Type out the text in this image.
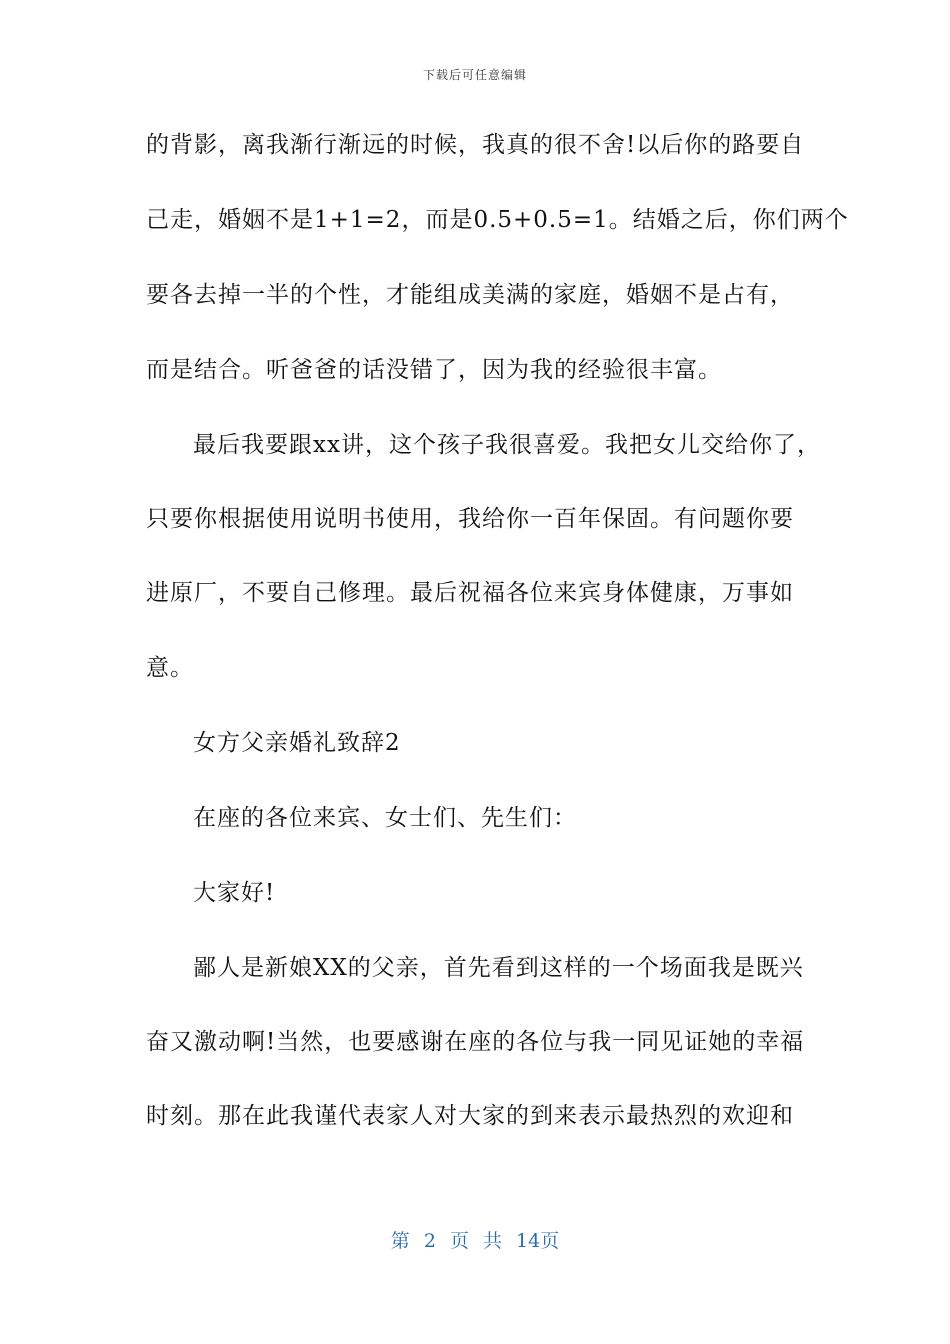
下载后可任意编辑
的背影，离我渐行渐远的时候，我真的很不舍!以后你的路要自
己走，婚姻不是1+1=2，而是0.5+0.5=1。结婚之后，你们两个
要各去掉一半的个性，才能组成美满的家庭，婚姻不是占有，
而是结合。听爸爸的话没错了，因为我的经验很丰富。
最后我要跟xx讲，这个孩子我很喜爱。我把女儿交给你了，
只要你根据使用说明书使用，我给你一百年保固。有问题你要
进原厂，不要自己修理。最后祝福各位来宾身体健康，万事如
意。
女方父亲婚礼致辞2
在座的各位来宾、女士们、先生们：
大家好!
鄙人是新娘XX的父亲，首先看到这样的一个场面我是既兴
奋又激动啊!当然，也要感谢在座的各位与我一同见证她的幸福
时刻。那在此我谨代表家人对大家的到来表示最热烈的欢迎和
第 2 页 共 14页
